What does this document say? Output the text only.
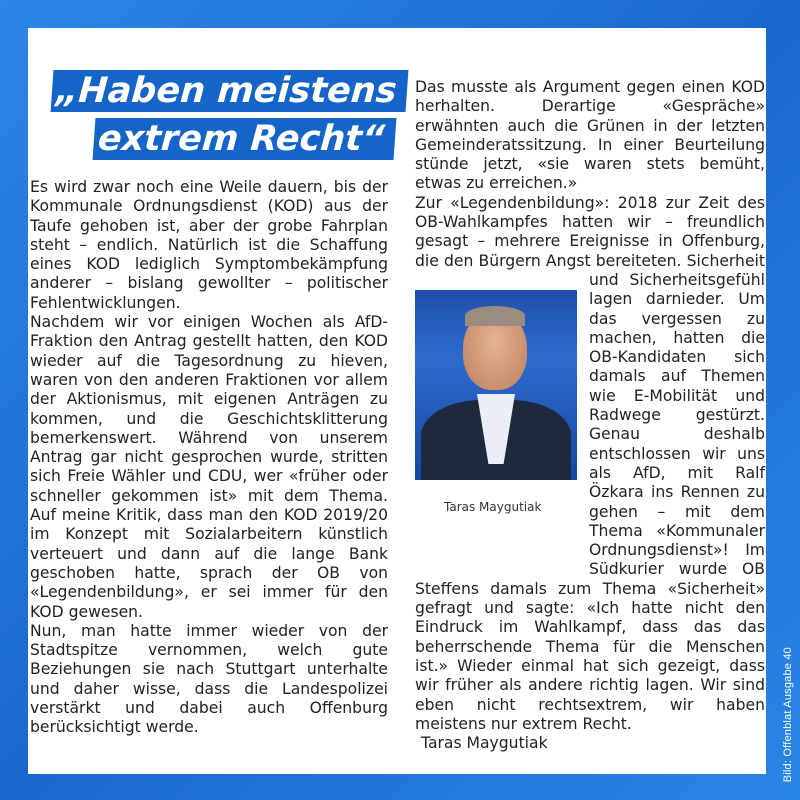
„Haben meistens
extrem Recht“

Es wird zwar noch eine Weile dauern, bis der Kommunale Ordnungsdienst (KOD) aus der Taufe gehoben ist, aber der grobe Fahrplan steht – endlich. Natürlich ist die Schaffung eines KOD lediglich Symptombekämpfung anderer – bislang gewollter – politischer Fehlentwicklungen.

Nachdem wir vor einigen Wochen als AfD-Fraktion den Antrag gestellt hatten, den KOD wieder auf die Tagesordnung zu hieven, waren von den anderen Fraktionen vor allem der Aktionismus, mit eigenen Anträgen zu kommen, und die Geschichtsklitterung bemerkenswert. Während von unserem Antrag gar nicht gesprochen wurde, stritten sich Freie Wähler und CDU, wer «früher oder schneller gekommen ist» mit dem Thema. Auf meine Kritik, dass man den KOD 2019/20 im Konzept mit Sozialarbeitern künstlich verteuert und dann auf die lange Bank geschoben hatte, sprach der OB von «Legendenbildung», er sei immer für den KOD gewesen.

Nun, man hatte immer wieder von der Stadtspitze vernommen, welch gute Beziehungen sie nach Stuttgart unterhalte und daher wisse, dass die Landespolizei verstärkt und dabei auch Offenburg berücksichtigt werde.

Das musste als Argument gegen einen KOD herhalten. Derartige «Gespräche» erwähnten auch die Grünen in der letzten Gemeinderatssitzung. In einer Beurteilung stünde jetzt, «sie waren stets bemüht, etwas zu erreichen.»

Zur «Legendenbildung»: 2018 zur Zeit des OB-Wahlkampfes hatten wir – freundlich gesagt – mehrere Ereignisse in Offenburg, die den Bürgern Angst bereiteten. Sicherheit und Sicherheitsgefühl lagen darnieder. Um das vergessen zu machen, hatten die OB-Kandidaten sich damals auf Themen wie E-Mobilität und Radwege gestürzt. Genau deshalb entschlossen wir uns als AfD, mit Ralf Özkara ins Rennen zu gehen – mit dem Thema «Kommunaler Ordnungsdienst»! Im Südkurier wurde OB Steffens damals zum Thema «Sicherheit» gefragt und sagte: «Ich hatte nicht den Eindruck im Wahlkampf, dass das das beherrschende Thema für die Menschen ist.» Wieder einmal hat sich gezeigt, dass wir früher als andere richtig lagen. Wir sind eben nicht rechtsextrem, wir haben meistens nur extrem Recht.

Taras Maygutiak

Taras Maygutiak
Bild: Offenblat Ausgabe 40
